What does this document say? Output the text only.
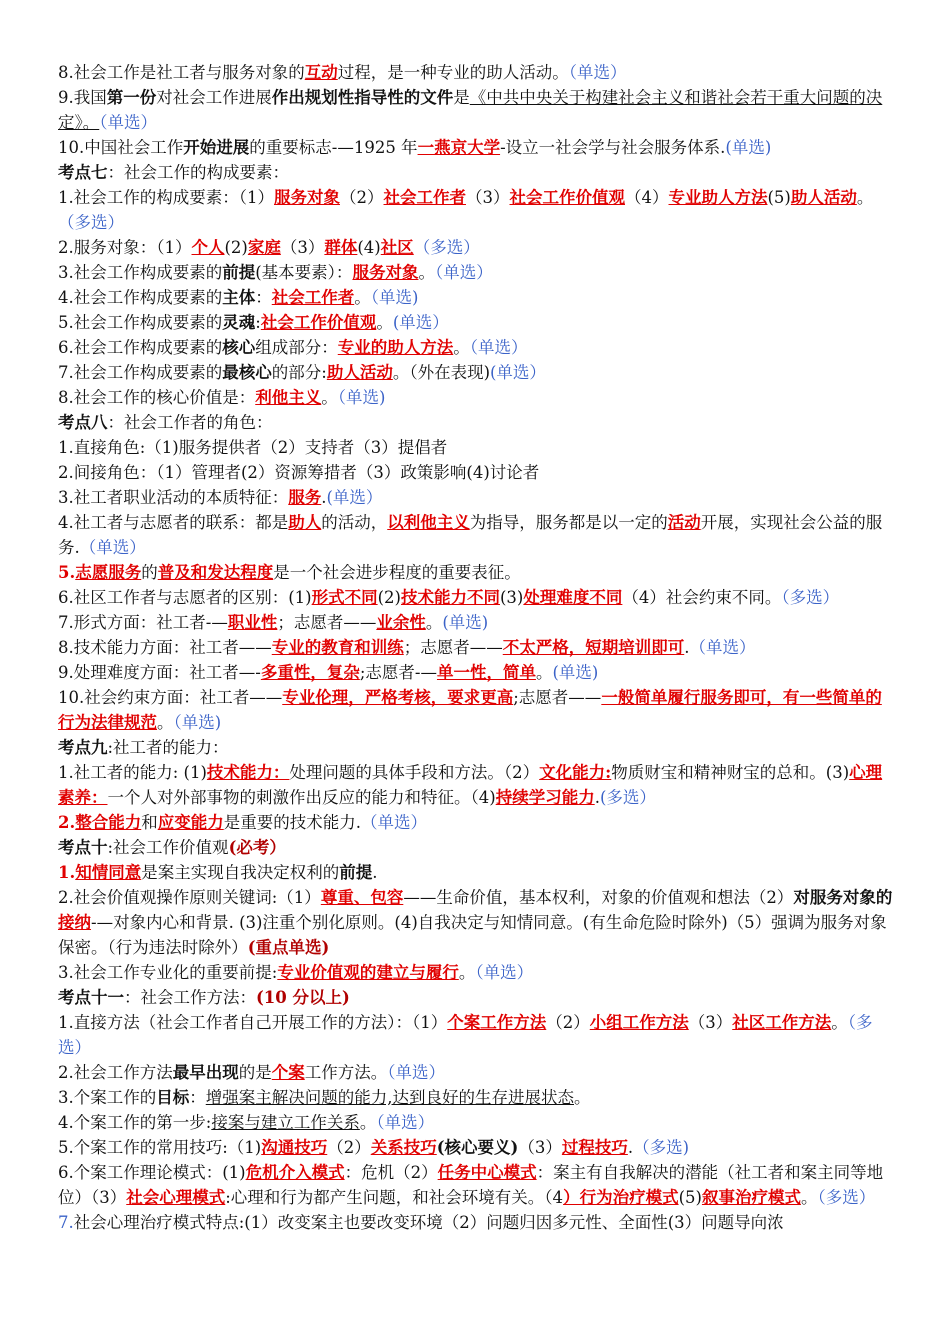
8.社会工作是社工者与服务对象的互动过程，是一种专业的助人活动。（单选）

9.我国第一份对社会工作进展作出规划性指导性的文件是《中共中央关于构建社会主义和谐社会若干重大问题的决定》。（单选）

10.中国社会工作开始进展的重要标志-—1925 年一燕京大学-设立一社会学与社会服务体系.(单选)

考点七：社会工作的构成要素：

1.社会工作的构成要素：（1）服务对象（2）社会工作者（3）社会工作价值观（4）专业助人方法(5)助人活动。（多选）

2.服务对象：（1）个人(2)家庭（3）群体(4)社区（多选）

3.社会工作构成要素的前提(基本要素）：服务对象。（单选）

4.社会工作构成要素的主体：社会工作者。（单选)

5.社会工作构成要素的灵魂:社会工作价值观。(单选）

6.社会工作构成要素的核心组成部分：专业的助人方法。（单选）

7.社会工作构成要素的最核心的部分:助人活动。（外在表现)(单选）

8.社会工作的核心价值是：利他主义。（单选)

考点八：社会工作者的角色：

1.直接角色:（1)服务提供者（2）支持者（3）提倡者

2.间接角色：（1）管理者(2）资源筹措者（3）政策影响(4)讨论者

3.社工者职业活动的本质特征：服务.(单选）

4.社工者与志愿者的联系：都是助人的活动，以利他主义为指导，服务都是以一定的活动开展，实现社会公益的服务.（单选）

5.志愿服务的普及和发达程度是一个社会进步程度的重要表征。

6.社区工作者与志愿者的区别：(1)形式不同(2)技术能力不同(3)处理难度不同（4）社会约束不同。（多选）

7.形式方面：社工者-—职业性；志愿者——业余性。(单选)

8.技术能力方面：社工者——专业的教育和训练；志愿者——不太严格，短期培训即可.（单选）

9.处理难度方面：社工者—-多重性，复杂;志愿者-—单一性，简单。(单选)

10.社会约束方面：社工者——专业伦理，严格考核，要求更高;志愿者——一般简单履行服务即可，有一些简单的行为法律规范。（单选)

考点九:社工者的能力：

1.社工者的能力: (1)技术能力：处理问题的具体手段和方法。（2）文化能力:物质财宝和精神财宝的总和。(3)心理素养：一个人对外部事物的刺激作出反应的能力和特征。（4)持续学习能力.(多选）

2.整合能力和应变能力是重要的技术能力.（单选）

考点十:社会工作价值观(必考）

1.知情同意是案主实现自我决定权利的前提.

2.社会价值观操作原则关键词:（1）尊重、包容——生命价值，基本权利，对象的价值观和想法（2）对服务对象的接纳-—对象内心和背景. (3)注重个别化原则。(4)自我决定与知情同意。(有生命危险时除外)（5）强调为服务对象保密。（行为违法时除外）(重点单选)

3.社会工作专业化的重要前提:专业价值观的建立与履行。（单选）

考点十一：社会工作方法：(10 分以上)

1.直接方法（社会工作者自己开展工作的方法）：（1）个案工作方法（2）小组工作方法（3）社区工作方法。（多选）

2.社会工作方法最早出现的是个案工作方法。（单选）

3.个案工作的目标：增强案主解决问题的能力,达到良好的生存进展状态。

4.个案工作的第一步:接案与建立工作关系。（单选）

5.个案工作的常用技巧:（1)沟通技巧（2）关系技巧(核心要义)（3）过程技巧.（多选)

6.个案工作理论模式：(1)危机介入模式：危机（2）任务中心模式：案主有自我解决的潜能（社工者和案主同等地位）（3）社会心理模式:心理和行为都产生问题，和社会环境有关。（4）行为治疗模式(5)叙事治疗模式。（多选）

7.社会心理治疗模式特点:(1）改变案主也要改变环境（2）问题归因多元性、全面性(3）问题导向浓
